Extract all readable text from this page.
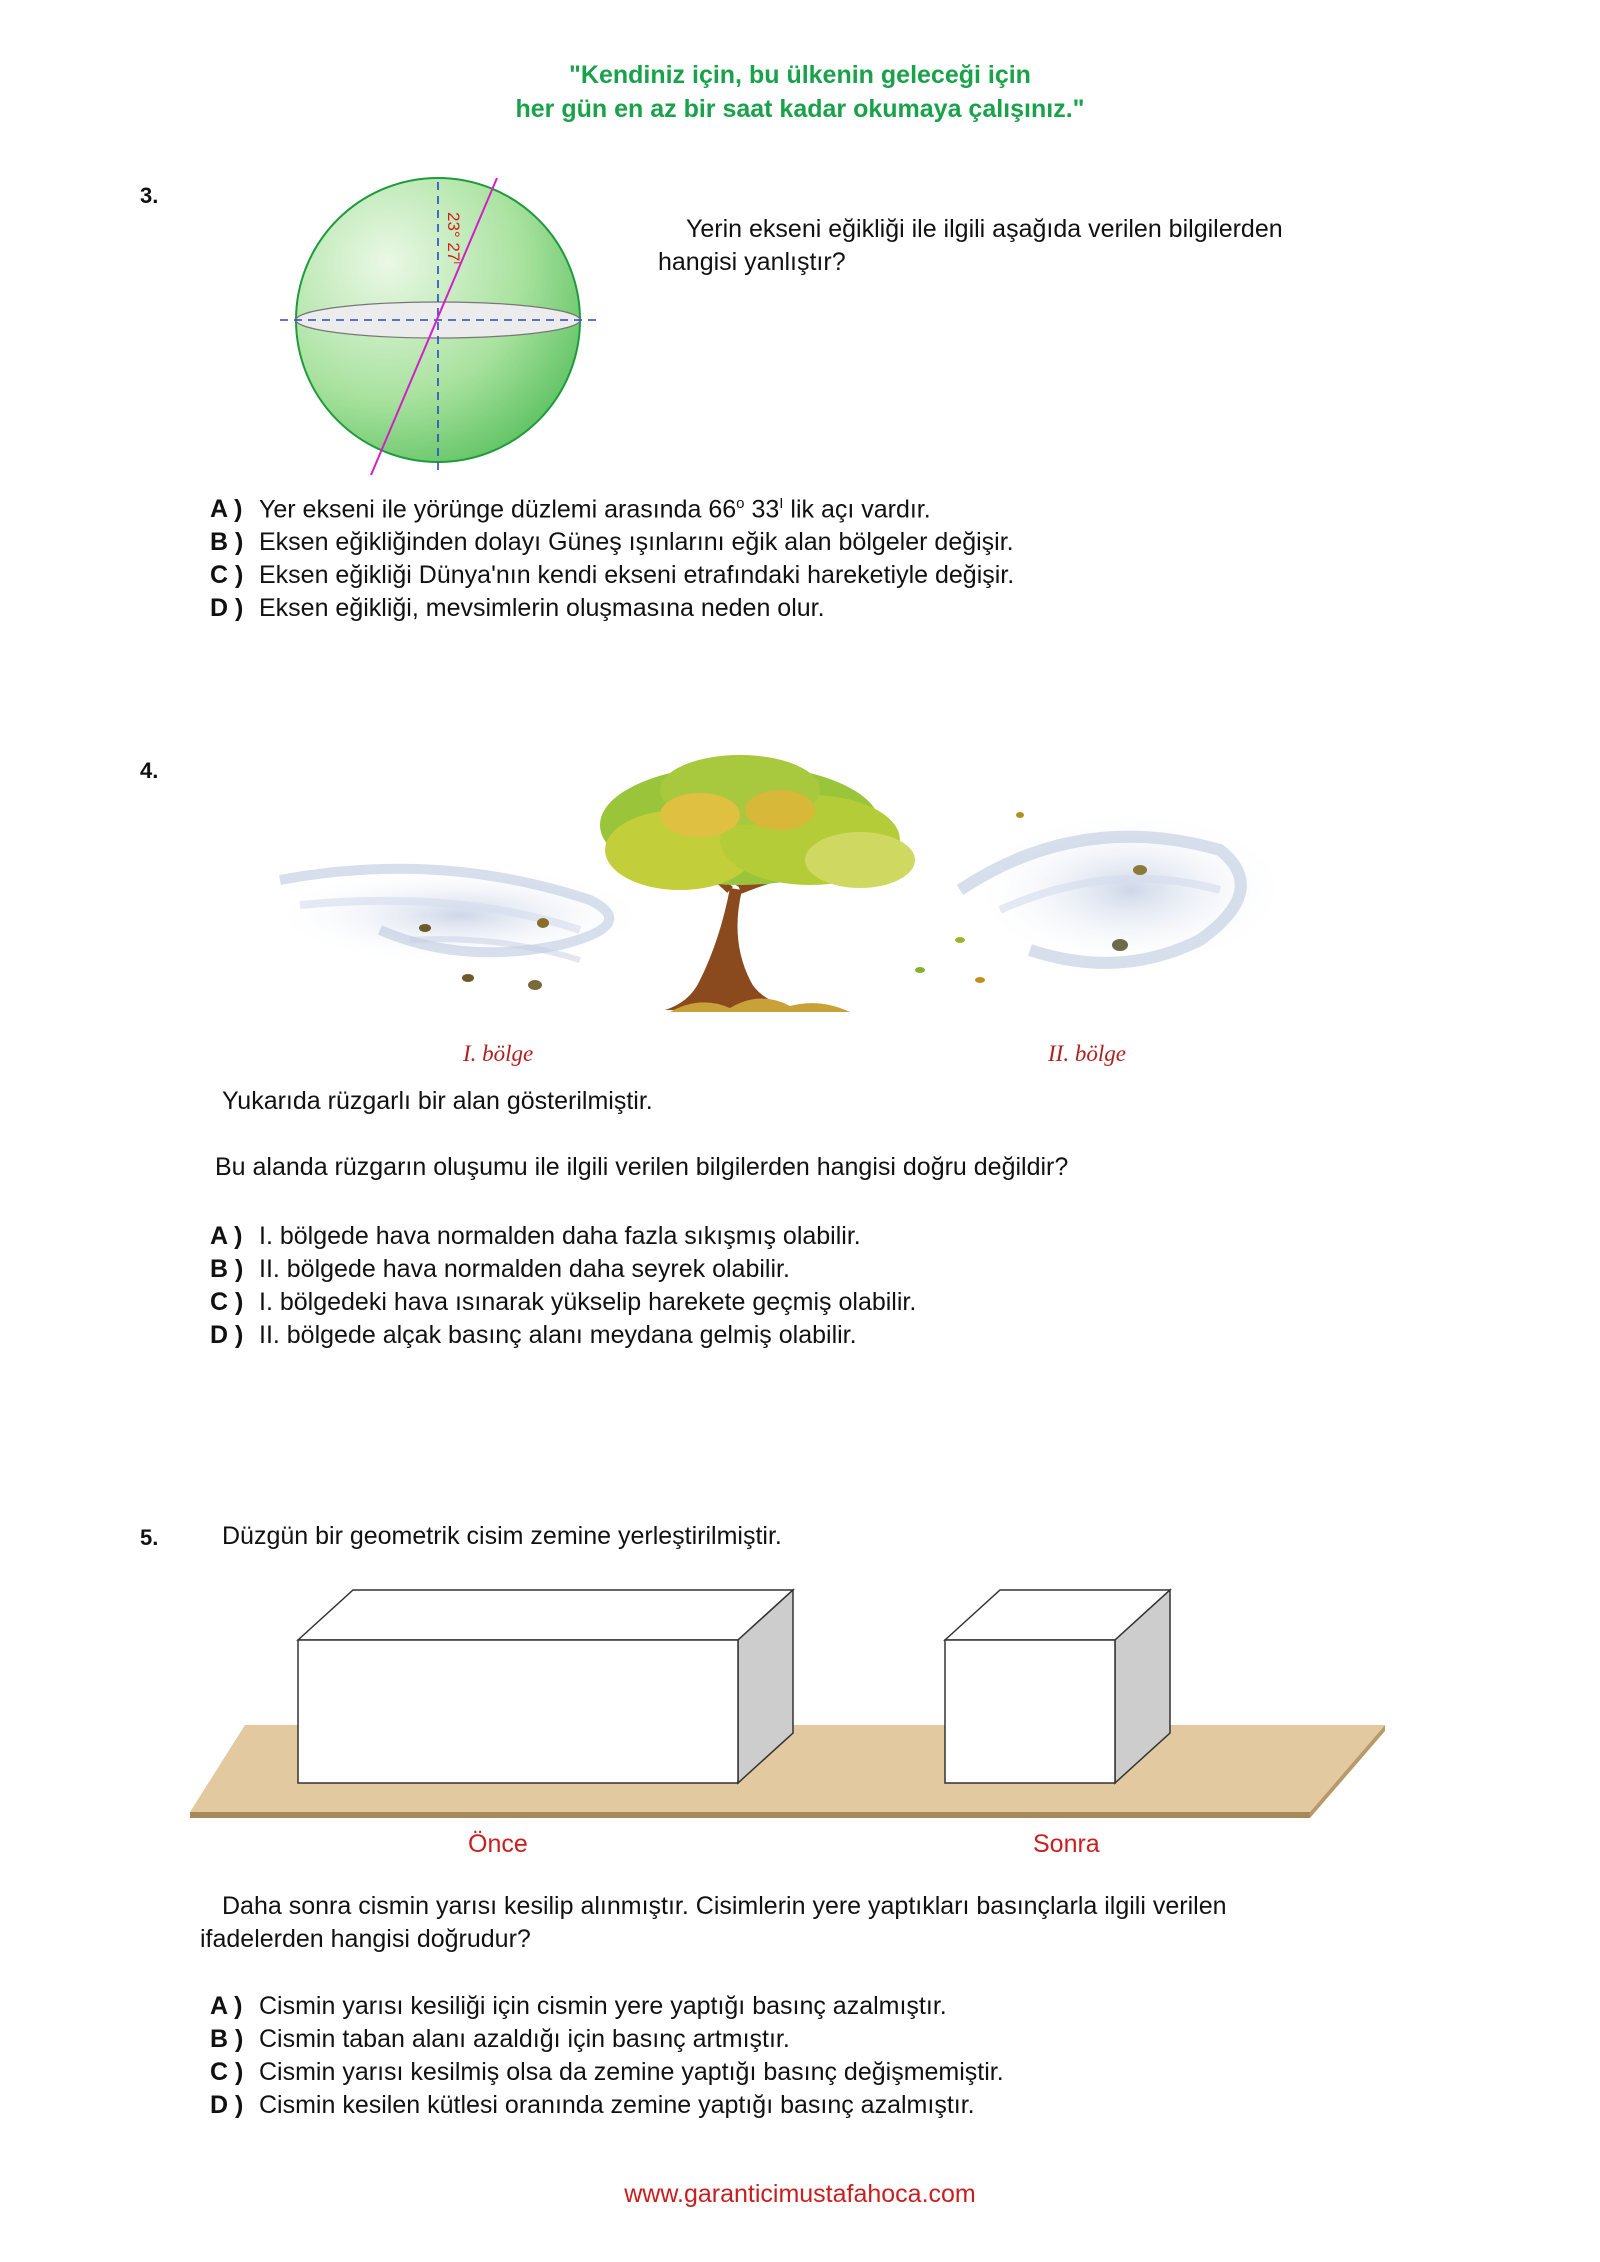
"Kendiniz için, bu ülkenin geleceği için
her gün en az bir saat kadar okumaya çalışınız."
3.
23° $27^I$
Yerin ekseni eğikliği ile ilgili aşağıda verilen bilgilerden
hangisi yanlıştır?
A ) Yer ekseni ile yörünge düzlemi arasında 66$^o$ $33^I$ lik açı vardır.
B ) Eksen eğikliğinden dolayı Güneş ışınlarını eğik alan bölgeler değişir.
C ) Eksen eğikliği Dünya'nın kendi ekseni etrafındaki hareketiyle değişir.
D ) Eksen eğikliği, mevsimlerin oluşmasına neden olur.
4.
I. bölge	II. bölge
Yukarıda rüzgarlı bir alan gösterilmiştir.
Bu alanda rüzgarın oluşumu ile ilgili verilen bilgilerden hangisi doğru değildir?
A ) I. bölgede hava normalden daha fazla sıkışmış olabilir.
B ) II. bölgede hava normalden daha seyrek olabilir.
C ) I. bölgedeki hava ısınarak yükselip harekete geçmiş olabilir.
D ) II. bölgede alçak basınç alanı meydana gelmiş olabilir.
5.	Düzgün bir geometrik cisim zemine yerleştirilmiştir.
Önce	Sonra
Daha sonra cismin yarısı kesilip alınmıştır. Cisimlerin yere yaptıkları basınçlarla ilgili verilen
ifadelerden hangisi doğrudur?
A ) Cismin yarısı kesiliği için cismin yere yaptığı basınç azalmıştır.
B ) Cismin taban alanı azaldığı için basınç artmıştır.
C ) Cismin yarısı kesilmiş olsa da zemine yaptığı basınç değişmemiştir.
D ) Cismin kesilen kütlesi oranında zemine yaptığı basınç azalmıştır.
www.garanticimustafahoca.com
